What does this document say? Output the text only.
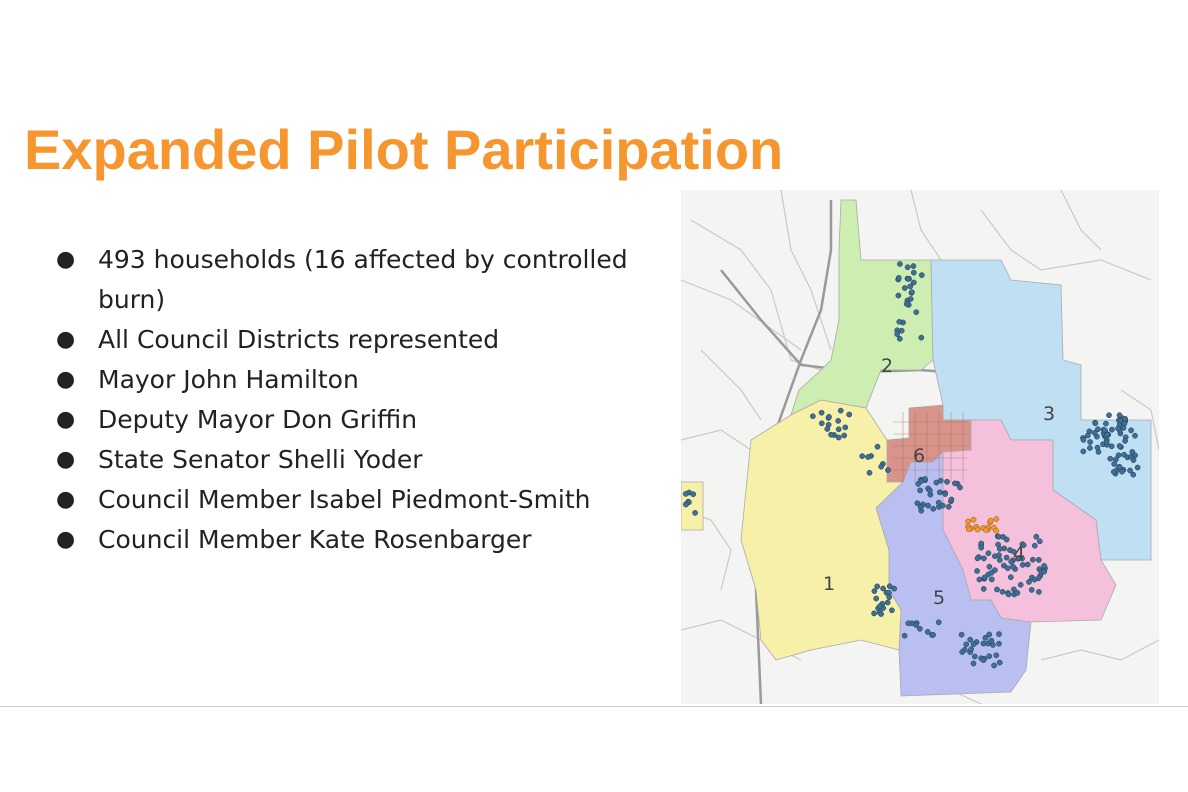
Expanded Pilot Participation
● 493 households (16 affected by controlled burn)
● All Council Districts represented
● Mayor John Hamilton
● Deputy Mayor Don Griffin
● State Senator Shelli Yoder
● Council Member Isabel Piedmont-Smith
● Council Member Kate Rosenbarger
1
2
3
4
5
6
